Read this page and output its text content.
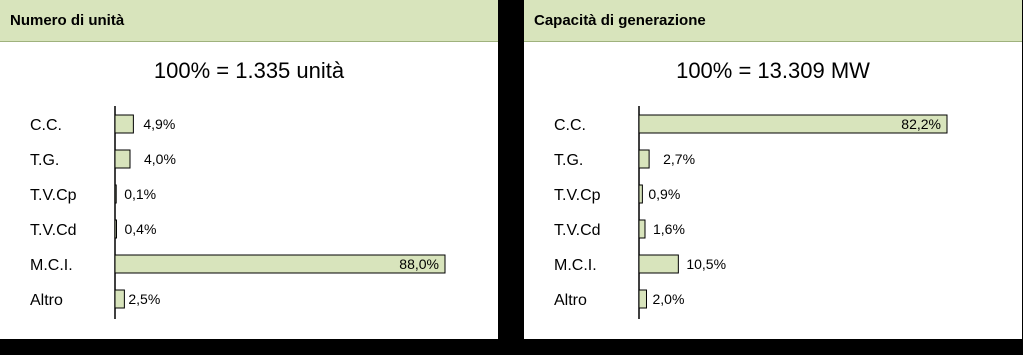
Numero di unità
100% = 1.335 unità
C.C.	4,9%
T.G.	4,0%
T.V.Cp	0,1%
T.V.Cd	0,4%
M.C.I.	88,0%
Altro	2,5%
Capacità di generazione
100% = 13.309 MW
C.C.	82,2%
T.G.	2,7%
T.V.Cp	0,9%
T.V.Cd	1,6%
M.C.I.	10,5%
Altro	2,0%
